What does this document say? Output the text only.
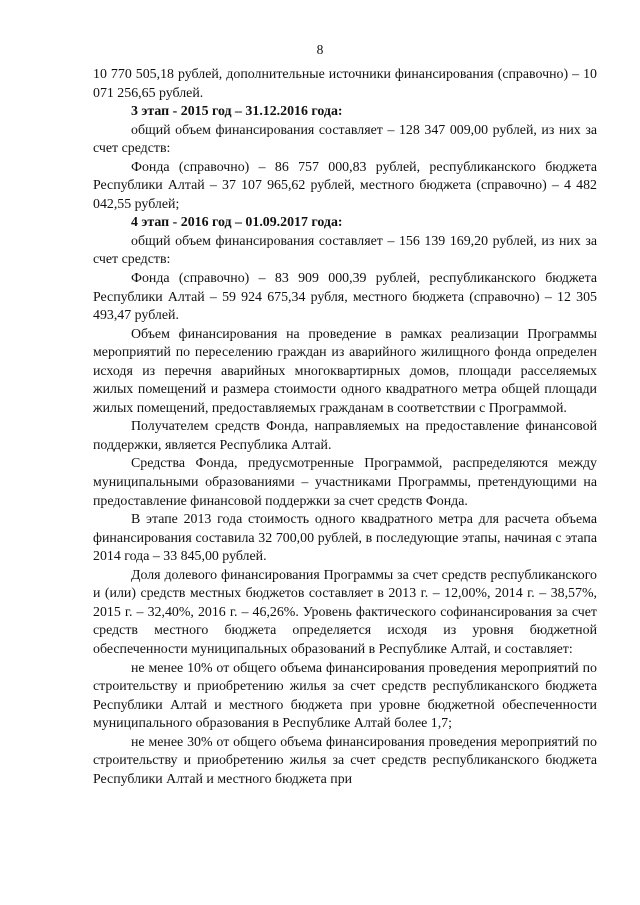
8

10 770 505,18 рублей, дополнительные источники финансирования (справочно) – 10 071 256,65 рублей.

3 этап - 2015 год – 31.12.2016 года:

общий объем финансирования составляет – 128 347 009,00 рублей, из них за счет средств:

Фонда (справочно) – 86 757 000,83 рублей, республиканского бюджета Республики Алтай – 37 107 965,62 рублей, местного бюджета (справочно) – 4 482 042,55 рублей;

4 этап - 2016 год – 01.09.2017 года:

общий объем финансирования составляет – 156 139 169,20 рублей, из них за счет средств:

Фонда (справочно) – 83 909 000,39 рублей, республиканского бюджета Республики Алтай – 59 924 675,34 рубля, местного бюджета (справочно) – 12 305 493,47 рублей.

Объем финансирования на проведение в рамках реализации Программы мероприятий по переселению граждан из аварийного жилищного фонда определен исходя из перечня аварийных многоквартирных домов, площади расселяемых жилых помещений и размера стоимости одного квадратного метра общей площади жилых помещений, предоставляемых гражданам в соответствии с Программой.

Получателем средств Фонда, направляемых на предоставление финансовой поддержки, является Республика Алтай.

Средства Фонда, предусмотренные Программой, распределяются между муниципальными образованиями – участниками Программы, претендующими на предоставление финансовой поддержки за счет средств Фонда.

В этапе 2013 года стоимость одного квадратного метра для расчета объема финансирования составила 32 700,00 рублей, в последующие этапы, начиная с этапа 2014 года – 33 845,00 рублей.

Доля долевого финансирования Программы за счет средств республиканского и (или) средств местных бюджетов составляет в 2013 г. – 12,00%, 2014 г. – 38,57%, 2015 г. – 32,40%, 2016 г. – 46,26%. Уровень фактического софинансирования за счет средств местного бюджета определяется исходя из уровня бюджетной обеспеченности муниципальных образований в Республике Алтай, и составляет:

не менее 10% от общего объема финансирования проведения мероприятий по строительству и приобретению жилья за счет средств республиканского бюджета Республики Алтай и местного бюджета при уровне бюджетной обеспеченности муниципального образования в Республике Алтай более 1,7;

не менее 30% от общего объема финансирования проведения мероприятий по строительству и приобретению жилья за счет средств республиканского бюджета Республики Алтай и местного бюджета при
